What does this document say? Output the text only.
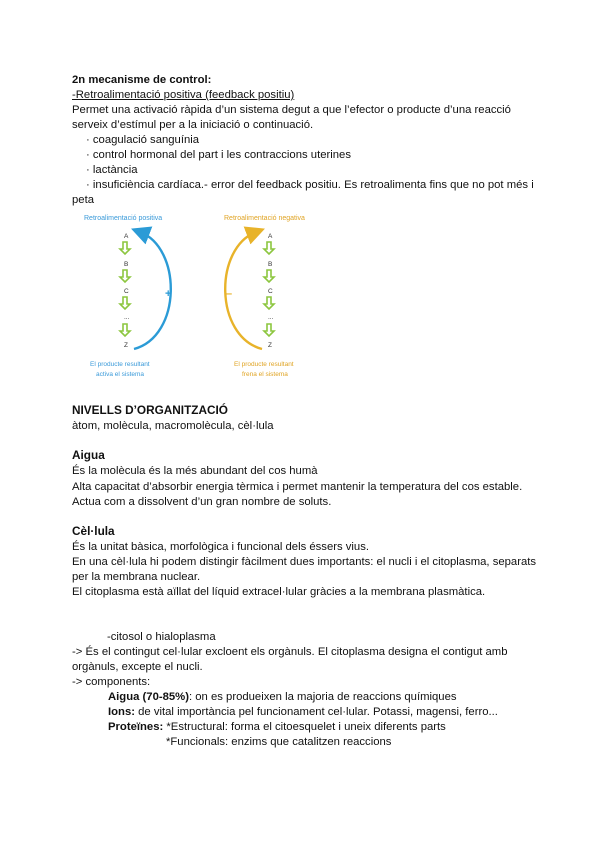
2n mecanisme de control:
-Retroalimentació positiva (feedback positiu)
Permet una activació ràpida d’un sistema degut a que l’efector o producte d’una reacció
serveix d’estímul per a la iniciació o continuació.
· coagulació sanguínia
· control hormonal del part i les contraccions uterines
· lactància
· insuficiència cardíaca.- error del feedback positiu. Es retroalimenta fins que no pot més i
peta
Retroalimentació positiva
A
B
C
...
Z
+
El producte resultant
activa el sistema
Retroalimentació negativa
A
B
C
...
Z
–
El producte resultant
frena el sistema
NIVELLS D’ORGANITZACIÓ
àtom, molècula, macromolècula, cèl·lula
Aigua
És la molècula és la més abundant del cos humà
Alta capacitat d’absorbir energia tèrmica i permet mantenir la temperatura del cos estable.
Actua com a dissolvent d’un gran nombre de soluts.
Cèl·lula
És la unitat bàsica, morfològica i funcional dels éssers vius.
En una cèl·lula hi podem distingir fàcilment dues importants: el nucli i el citoplasma, separats
per la membrana nuclear.
El citoplasma està aïllat del líquid extracel·lular gràcies a la membrana plasmàtica.
-citosol o hialoplasma
-> És el contingut cel·lular excloent els orgànuls. El citoplasma designa el contigut amb
orgànuls, excepte el nucli.
-> components:
Aigua (70-85%): on es produeixen la majoria de reaccions químiques
Ions: de vital importància pel funcionament cel·lular. Potassi, magensi, ferro...
Proteïnes: *Estructural: forma el citoesquelet i uneix diferents parts
*Funcionals: enzims que catalitzen reaccions
